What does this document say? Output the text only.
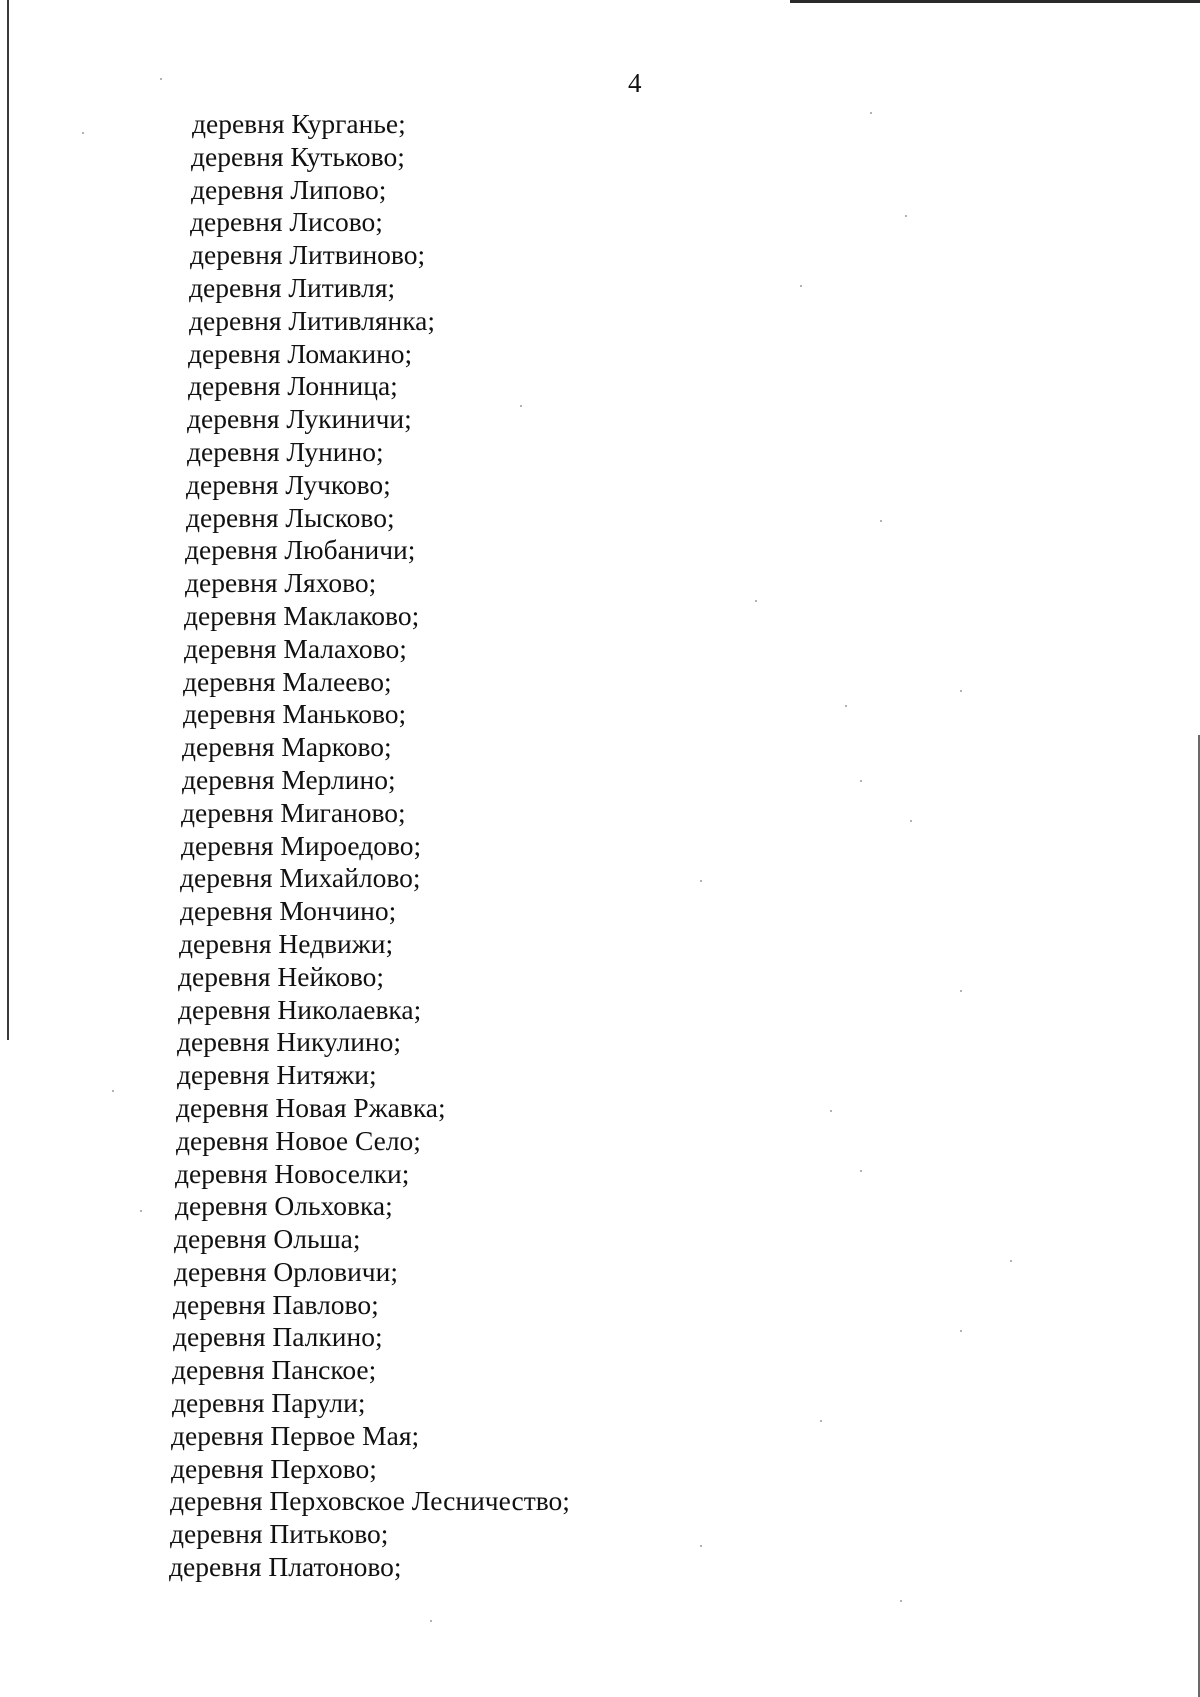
4
деревня Курганье;
деревня Кутьково;
деревня Липово;
деревня Лисово;
деревня Литвиново;
деревня Литивля;
деревня Литивлянка;
деревня Ломакино;
деревня Лонница;
деревня Лукиничи;
деревня Лунино;
деревня Лучково;
деревня Лысково;
деревня Любаничи;
деревня Ляхово;
деревня Маклаково;
деревня Малахово;
деревня Малеево;
деревня Маньково;
деревня Марково;
деревня Мерлино;
деревня Миганово;
деревня Мироедово;
деревня Михайлово;
деревня Мончино;
деревня Недвижи;
деревня Нейково;
деревня Николаевка;
деревня Никулино;
деревня Нитяжи;
деревня Новая Ржавка;
деревня Новое Село;
деревня Новоселки;
деревня Ольховка;
деревня Ольша;
деревня Орловичи;
деревня Павлово;
деревня Палкино;
деревня Панское;
деревня Парули;
деревня Первое Мая;
деревня Перхово;
деревня Перховское Лесничество;
деревня Питьково;
деревня Платоново;
